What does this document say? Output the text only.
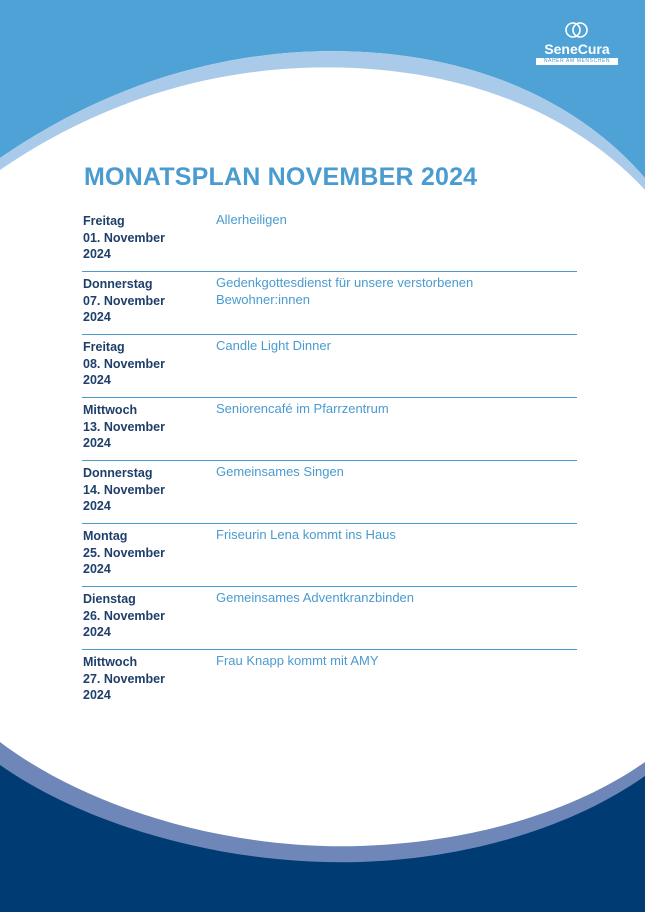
SeneCura
NÄHER AM MENSCHEN
MONATSPLAN NOVEMBER 2024
Freitag
01. November
2024
Allerheiligen
Donnerstag
07. November
2024
Gedenkgottesdienst für unsere verstorbenen Bewohner:innen
Freitag
08. November
2024
Candle Light Dinner
Mittwoch
13. November
2024
Seniorencafé im Pfarrzentrum
Donnerstag
14. November
2024
Gemeinsames Singen
Montag
25. November
2024
Friseurin Lena kommt ins Haus
Dienstag
26. November
2024
Gemeinsames Adventkranzbinden
Mittwoch
27. November
2024
Frau Knapp kommt mit AMY
